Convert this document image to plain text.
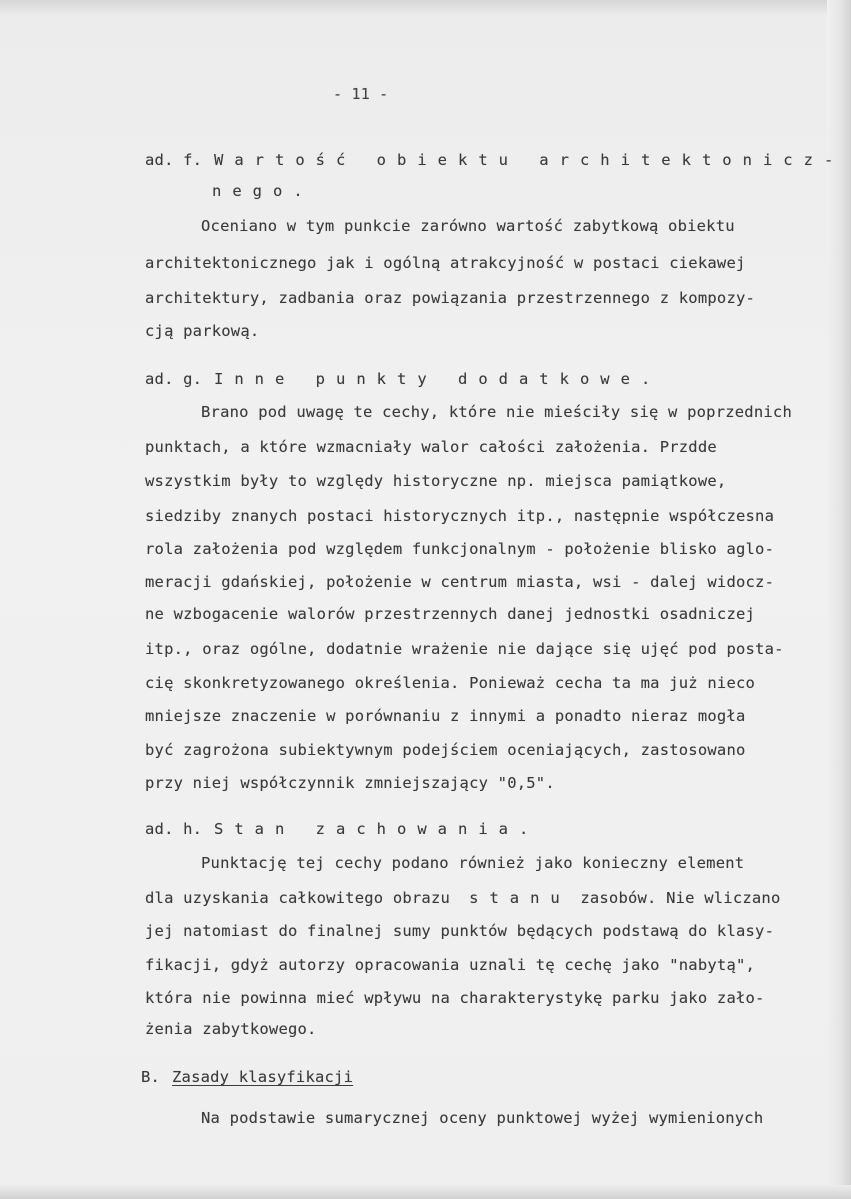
- 11 -
ad. f. Wartość obiektu architektonicz-
nego.
Oceniano w tym punkcie zarówno wartość zabytkową obiektu
architektonicznego jak i ogólną atrakcyjność w postaci ciekawej
architektury, zadbania oraz powiązania przestrzennego z kompozy-
cją parkową.
ad. g. Inne punkty dodatkowe.
Brano pod uwagę te cechy, które nie mieściły się w poprzednich
punktach, a które wzmacniały walor całości założenia. Przdde
wszystkim były to względy historyczne np. miejsca pamiątkowe,
siedziby znanych postaci historycznych itp., następnie współczesna
rola założenia pod względem funkcjonalnym - położenie blisko aglo-
meracji gdańskiej, położenie w centrum miasta, wsi - dalej widocz-
ne wzbogacenie walorów przestrzennych danej jednostki osadniczej
itp., oraz ogólne, dodatnie wrażenie nie dające się ujęć pod posta-
cię skonkretyzowanego określenia. Ponieważ cecha ta ma już nieco
mniejsze znaczenie w porównaniu z innymi a ponadto nieraz mogła
być zagrożona subiektywnym podejściem oceniających, zastosowano
przy niej współczynnik zmniejszający "0,5".
ad. h. Stan zachowania.
Punktację tej cechy podano również jako konieczny element
dla uzyskania całkowitego obrazu stanu zasobów. Nie wliczano
jej natomiast do finalnej sumy punktów będących podstawą do klasy-
fikacji, gdyż autorzy opracowania uznali tę cechę jako "nabytą",
która nie powinna mieć wpływu na charakterystykę parku jako zało-
żenia zabytkowego.
B. Zasady klasyfikacji
Na podstawie sumarycznej oceny punktowej wyżej wymienionych
